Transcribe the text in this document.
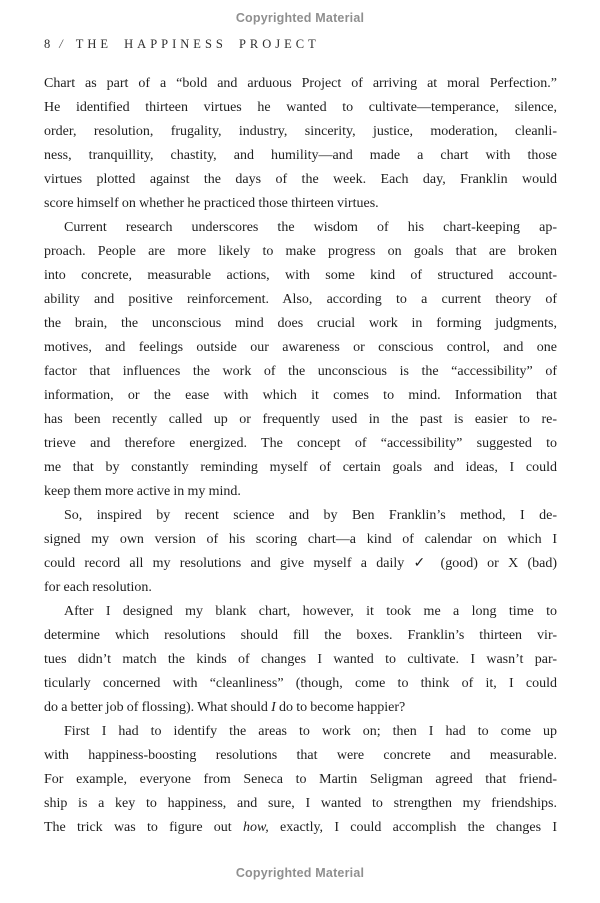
Copyrighted Material
8 / THE HAPPINESS PROJECT
Chart as part of a “bold and arduous Project of arriving at moral Perfection.”
He identified thirteen virtues he wanted to cultivate—temperance, silence,
order, resolution, frugality, industry, sincerity, justice, moderation, cleanli-
ness, tranquillity, chastity, and humility—and made a chart with those
virtues plotted against the days of the week. Each day, Franklin would
score himself on whether he practiced those thirteen virtues.
Current research underscores the wisdom of his chart-keeping ap-
proach. People are more likely to make progress on goals that are broken
into concrete, measurable actions, with some kind of structured account-
ability and positive reinforcement. Also, according to a current theory of
the brain, the unconscious mind does crucial work in forming judgments,
motives, and feelings outside our awareness or conscious control, and one
factor that influences the work of the unconscious is the “accessibility” of
information, or the ease with which it comes to mind. Information that
has been recently called up or frequently used in the past is easier to re-
trieve and therefore energized. The concept of “accessibility” suggested to
me that by constantly reminding myself of certain goals and ideas, I could
keep them more active in my mind.
So, inspired by recent science and by Ben Franklin’s method, I de-
signed my own version of his scoring chart—a kind of calendar on which I
could record all my resolutions and give myself a daily ✓ (good) or X (bad)
for each resolution.
After I designed my blank chart, however, it took me a long time to
determine which resolutions should fill the boxes. Franklin’s thirteen vir-
tues didn’t match the kinds of changes I wanted to cultivate. I wasn’t par-
ticularly concerned with “cleanliness” (though, come to think of it, I could
do a better job of flossing). What should I do to become happier?
First I had to identify the areas to work on; then I had to come up
with happiness-boosting resolutions that were concrete and measurable.
For example, everyone from Seneca to Martin Seligman agreed that friend-
ship is a key to happiness, and sure, I wanted to strengthen my friendships.
The trick was to figure out how, exactly, I could accomplish the changes I
Copyrighted Material
